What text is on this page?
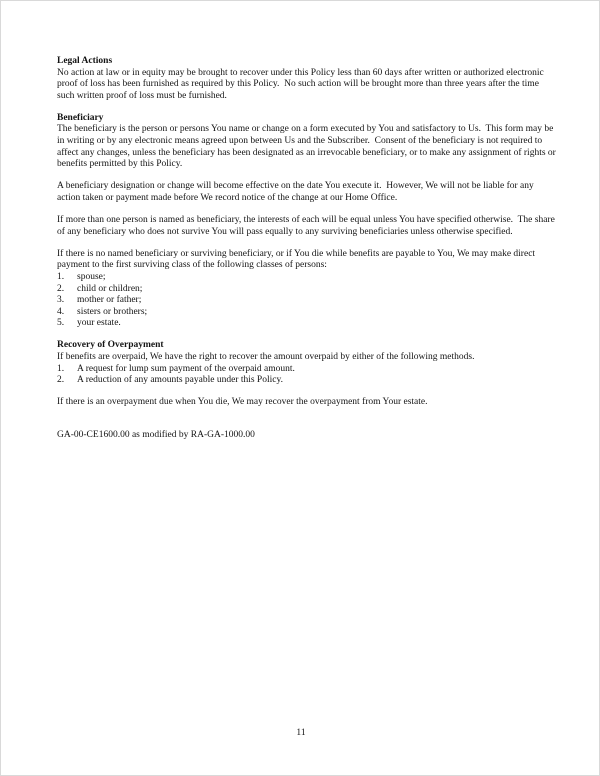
Legal Actions
No action at law or in equity may be brought to recover under this Policy less than 60 days after written or authorized electronic proof of loss has been furnished as required by this Policy.  No such action will be brought more than three years after the time such written proof of loss must be furnished.
Beneficiary
The beneficiary is the person or persons You name or change on a form executed by You and satisfactory to Us.  This form may be in writing or by any electronic means agreed upon between Us and the Subscriber.  Consent of the beneficiary is not required to affect any changes, unless the beneficiary has been designated as an irrevocable beneficiary, or to make any assignment of rights or benefits permitted by this Policy.
A beneficiary designation or change will become effective on the date You execute it.  However, We will not be liable for any action taken or payment made before We record notice of the change at our Home Office.
If more than one person is named as beneficiary, the interests of each will be equal unless You have specified otherwise.  The share of any beneficiary who does not survive You will pass equally to any surviving beneficiaries unless otherwise specified.
If there is no named beneficiary or surviving beneficiary, or if You die while benefits are payable to You, We may make direct payment to the first surviving class of the following classes of persons:
1.	spouse;
2.	child or children;
3.	mother or father;
4.	sisters or brothers;
5.	your estate.
Recovery of Overpayment
If benefits are overpaid, We have the right to recover the amount overpaid by either of the following methods.
1.	A request for lump sum payment of the overpaid amount.
2.	A reduction of any amounts payable under this Policy.
If there is an overpayment due when You die, We may recover the overpayment from Your estate.
GA-00-CE1600.00 as modified by RA-GA-1000.00
11
